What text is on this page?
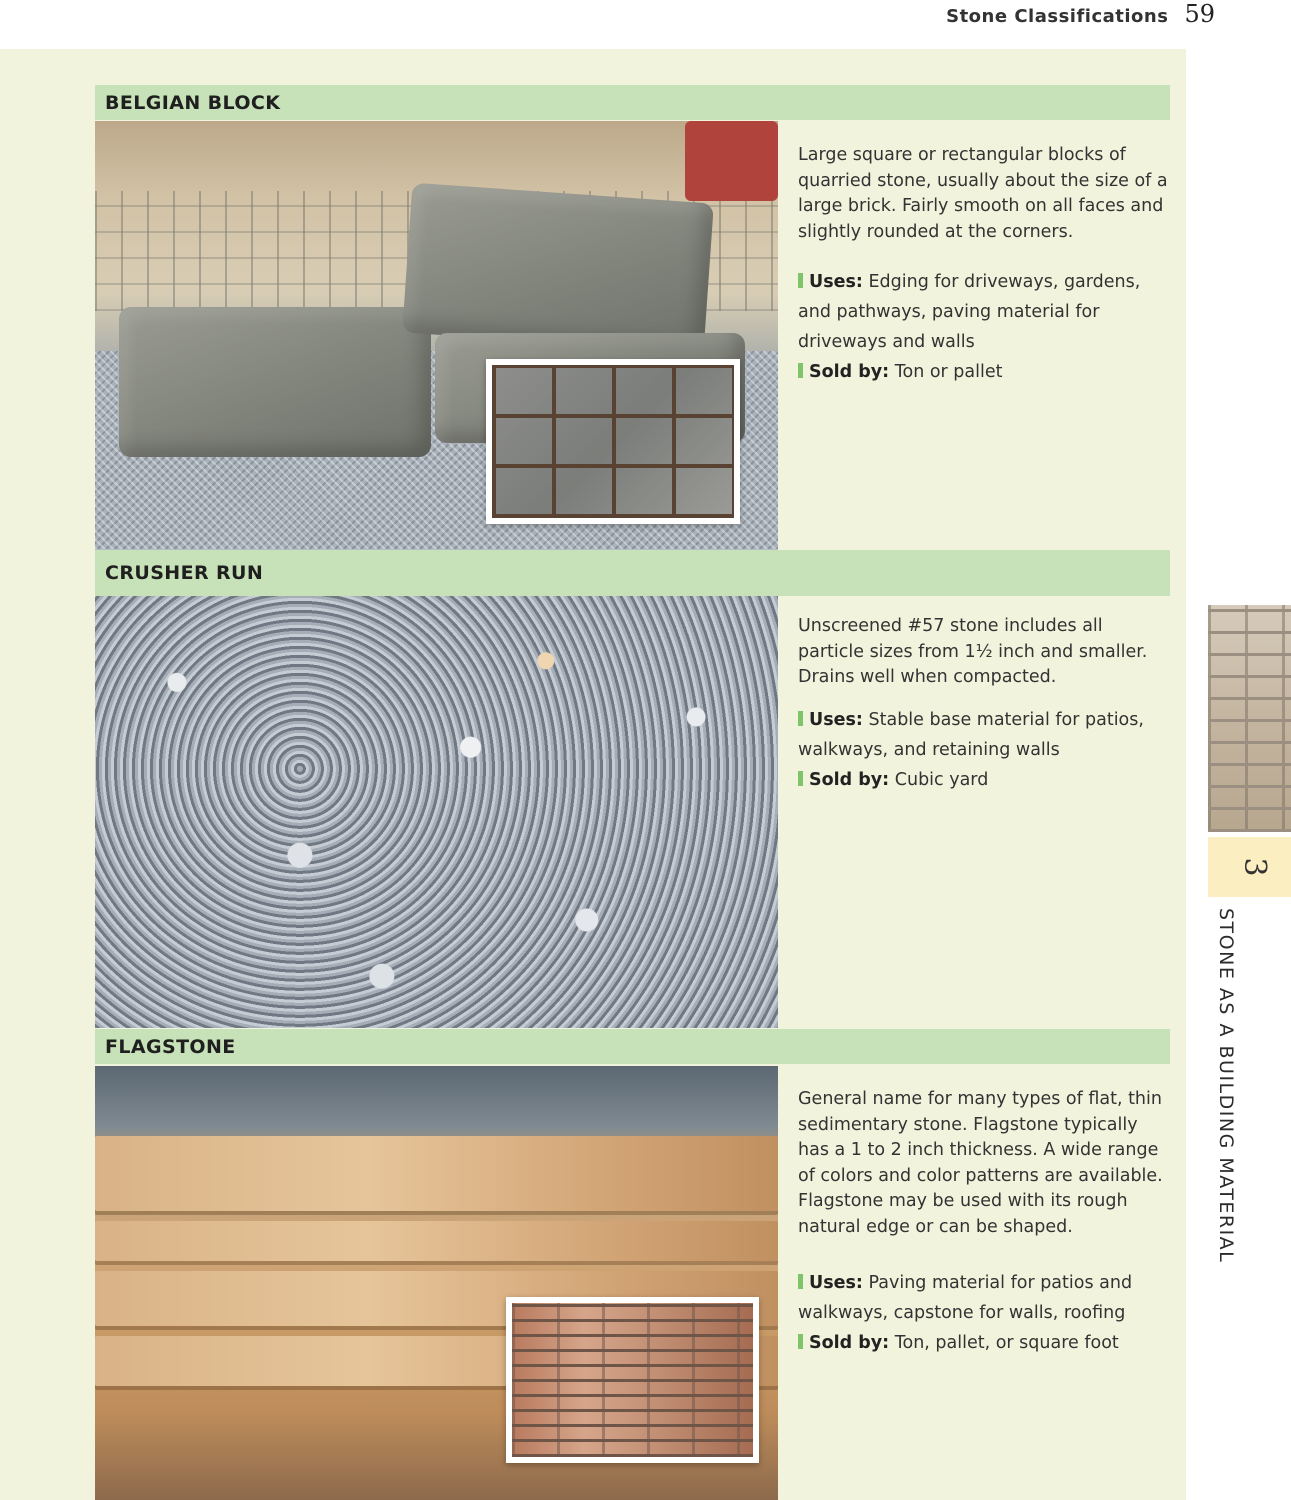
Stone Classifications 59
BELGIAN BLOCK

Large square or rectangular blocks of quarried stone, usually about the size of a large brick. Fairly smooth on all faces and slightly rounded at the corners.

Uses: Edging for driveways, gardens, and pathways, paving material for driveways and walls

Sold by: Ton or pallet

CRUSHER RUN

Unscreened #57 stone includes all particle sizes from 1½ inch and smaller. Drains well when compacted.

Uses: Stable base material for patios, walkways, and retaining walls

Sold by: Cubic yard

FLAGSTONE

General name for many types of flat, thin sedimentary stone. Flagstone typically has a 1 to 2 inch thickness. A wide range of colors and color patterns are available. Flagstone may be used with its rough natural edge or can be shaped.

Uses: Paving material for patios and walkways, capstone for walls, roofing

Sold by: Ton, pallet, or square foot

3
STONE AS A BUILDING MATERIAL
